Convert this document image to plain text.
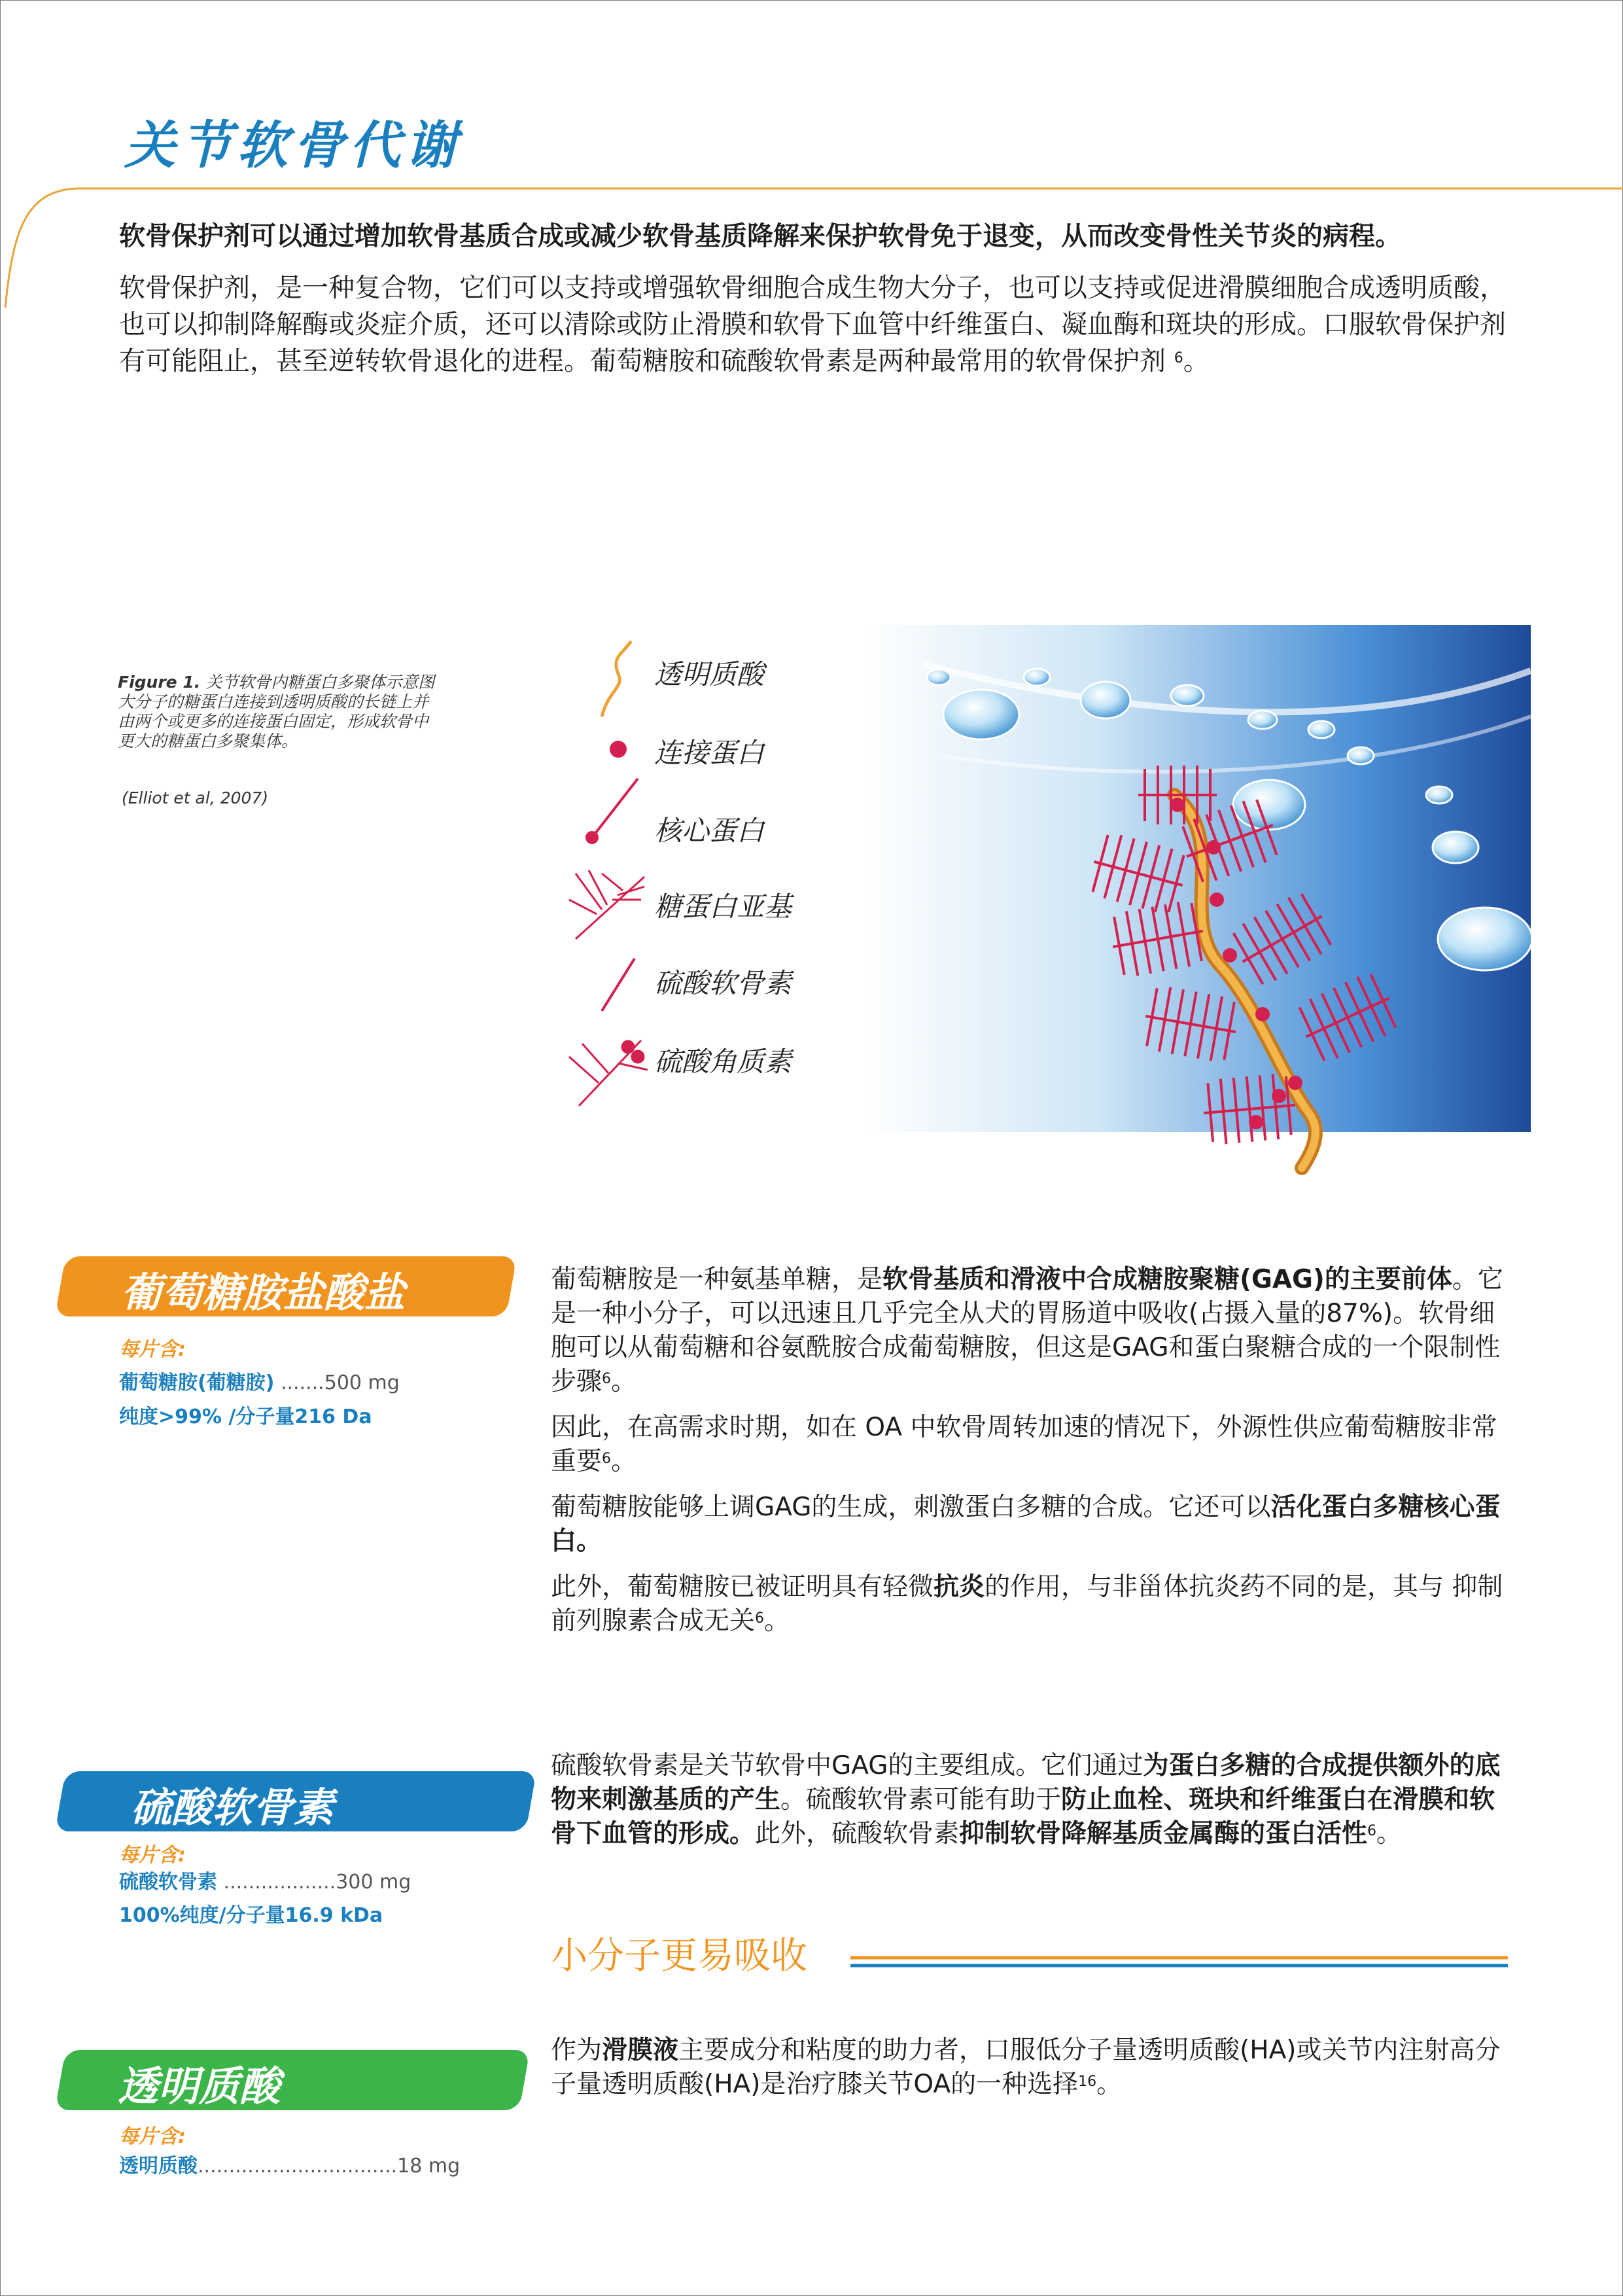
关节软骨代谢
软骨保护剂可以通过增加软骨基质合成或减少软骨基质降解来保护软骨免于退变，从而改变骨性关节炎的病程。
软骨保护剂，是一种复合物，它们可以支持或增强软骨细胞合成生物大分子，也可以支持或促进滑膜细胞合成透明质酸，也可以抑制降解酶或炎症介质，还可以清除或防止滑膜和软骨下血管中纤维蛋白、凝血酶和斑块的形成。口服软骨保护剂有可能阻止，甚至逆转软骨退化的进程。葡萄糖胺和硫酸软骨素是两种最常用的软骨保护剂 $^6$。
Figure 1. 关节软骨内糖蛋白多聚体示意图大分子的糖蛋白连接到透明质酸的长链上并由两个或更多的连接蛋白固定，形成软骨中更大的糖蛋白多聚集体。
(Elliot et al, 2007)
透明质酸
连接蛋白
核心蛋白
糖蛋白亚基
硫酸软骨素
硫酸角质素
葡萄糖胺盐酸盐
每片含:
葡萄糖胺(葡糖胺) .......500 mg
纯度>99% /分子量216 Da

葡萄糖胺是一种氨基单糖，是软骨基质和滑液中合成糖胺聚糖(GAG)的主要前体。它是一种小分子，可以迅速且几乎完全从犬的胃肠道中吸收(占摄入量的87%)。软骨细胞可以从葡萄糖和谷氨酰胺合成葡萄糖胺，但这是GAG和蛋白聚糖合成的一个限制性步骤$^6$。

因此，在高需求时期，如在 OA 中软骨周转加速的情况下，外源性供应葡萄糖胺非常重要$^6$。

葡萄糖胺能够上调GAG的生成，刺激蛋白多糖的合成。它还可以活化蛋白多糖核心蛋白。

此外，葡萄糖胺已被证明具有轻微抗炎的作用，与非甾体抗炎药不同的是，其与 抑制前列腺素合成无关$^6$。

硫酸软骨素
每片含:
硫酸软骨素 ..................300 mg
100%纯度/分子量16.9 kDa

硫酸软骨素是关节软骨中GAG的主要组成。它们通过为蛋白多糖的合成提供额外的底物来刺激基质的产生。硫酸软骨素可能有助于防止血栓、斑块和纤维蛋白在滑膜和软骨下血管的形成。此外，硫酸软骨素抑制软骨降解基质金属酶的蛋白活性$^6$。

小分子更易吸收
透明质酸
每片含:
透明质酸................................18 mg

作为滑膜液主要成分和粘度的助力者，口服低分子量透明质酸(HA)或关节内注射高分子量透明质酸(HA)是治疗膝关节OA的一种选择$^{16}$。
